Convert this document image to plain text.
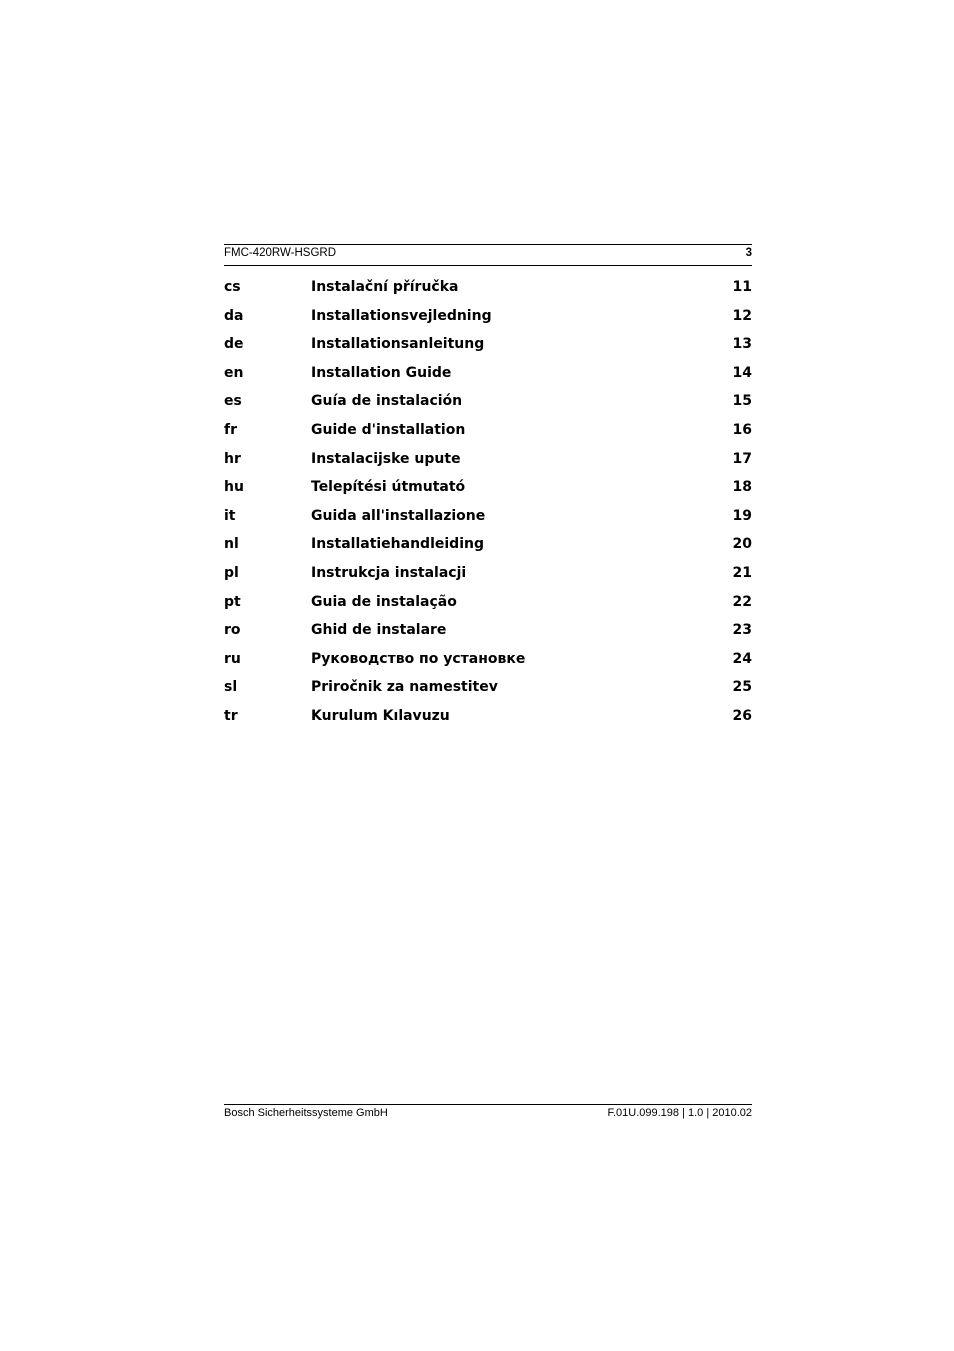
FMC-420RW-HSGRD	3
cs	Instalační příručka	11
da	Installationsvejledning	12
de	Installationsanleitung	13
en	Installation Guide	14
es	Guía de instalación	15
fr	Guide d'installation	16
hr	Instalacijske upute	17
hu	Telepítési útmutató	18
it	Guida all'installazione	19
nl	Installatiehandleiding	20
pl	Instrukcja instalacji	21
pt	Guia de instalação	22
ro	Ghid de instalare	23
ru	Руководство по установке	24
sl	Priročnik za namestitev	25
tr	Kurulum Kılavuzu	26
Bosch Sicherheitssysteme GmbH	F.01U.099.198 | 1.0 | 2010.02
